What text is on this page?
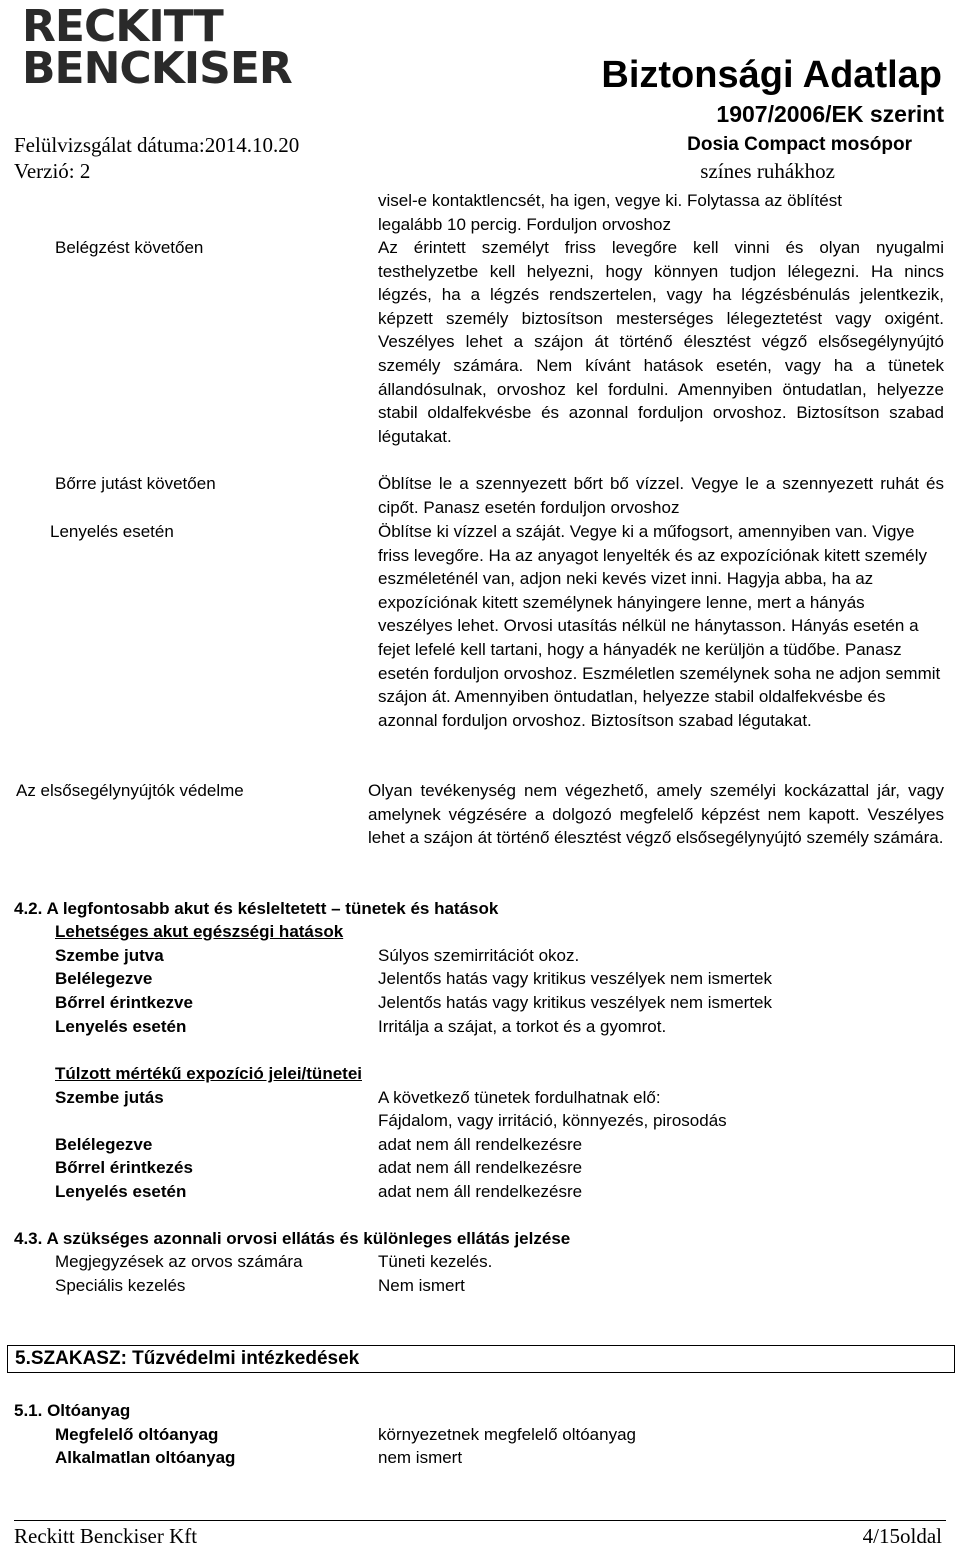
RECKITT
BENCKISER	Biztonsági Adatlap
1907/2006/EK szerint
Felülvizsgálat dátuma:2014.10.20
Verzió: 2
Dosia Compact mosópor
színes ruhákhoz
visel-e kontaktlencsét, ha igen, vegye ki. Folytassa az öblítést
legalább 10 percig. Forduljon orvoshoz
Belégzést követően	Az érintett személyt friss levegőre kell vinni és olyan nyugalmi testhelyzetbe kell helyezni, hogy könnyen tudjon lélegezni. Ha nincs légzés, ha a légzés rendszertelen, vagy ha légzésbénulás jelentkezik, képzett személy biztosítson mesterséges lélegeztetést vagy oxigént. Veszélyes lehet a szájon át történő élesztést végző elsősegélynyújtó személy számára. Nem kívánt hatások esetén, vagy ha a tünetek állandósulnak, orvoshoz kel fordulni. Amennyiben öntudatlan, helyezze stabil oldalfekvésbe és azonnal forduljon orvoshoz. Biztosítson szabad légutakat.
Bőrre jutást követően	Öblítse le a szennyezett bőrt bő vízzel. Vegye le a szennyezett ruhát és cipőt. Panasz esetén forduljon orvoshoz
Lenyelés esetén	Öblítse ki vízzel a száját. Vegye ki a műfogsort, amennyiben van. Vigye friss levegőre. Ha az anyagot lenyelték és az expozíciónak kitett személy eszméleténél van, adjon neki kevés vizet inni. Hagyja abba, ha az expozíciónak kitett személynek hányingere lenne, mert a hányás veszélyes lehet. Orvosi utasítás nélkül ne hánytasson. Hányás esetén a fejet lefelé kell tartani, hogy a hányadék ne kerüljön a tüdőbe. Panasz esetén forduljon orvoshoz. Eszméletlen személynek soha ne adjon semmit szájon át. Amennyiben öntudatlan, helyezze stabil oldalfekvésbe és azonnal forduljon orvoshoz. Biztosítson szabad légutakat.
Az elsősegélynyújtók védelme	Olyan tevékenység nem végezhető, amely személyi kockázattal jár, vagy amelynek végzésére a dolgozó megfelelő képzést nem kapott. Veszélyes lehet a szájon át történő élesztést végző elsősegélynyújtó személy számára.
4.2. A legfontosabb akut és késleltetett – tünetek és hatások
Lehetséges akut egészségi hatások
Szembe jutva	Súlyos szemirritációt okoz.
Belélegezve	Jelentős hatás vagy kritikus veszélyek nem ismertek
Bőrrel érintkezve	Jelentős hatás vagy kritikus veszélyek nem ismertek
Lenyelés esetén	Irritálja a szájat, a torkot és a gyomrot.
Túlzott mértékű expozíció jelei/tünetei
Szembe jutás	A következő tünetek fordulhatnak elő:
Fájdalom, vagy irritáció, könnyezés, pirosodás
Belélegezve	adat nem áll rendelkezésre
Bőrrel érintkezés	adat nem áll rendelkezésre
Lenyelés esetén	adat nem áll rendelkezésre
4.3. A szükséges azonnali orvosi ellátás és különleges ellátás jelzése
Megjegyzések az orvos számára	Tüneti kezelés.
Speciális kezelés	Nem ismert
5.SZAKASZ: Tűzvédelmi intézkedések
5.1. Oltóanyag
Megfelelő oltóanyag	környezetnek megfelelő oltóanyag
Alkalmatlan oltóanyag	nem ismert
Reckitt Benckiser Kft	4/15oldal
